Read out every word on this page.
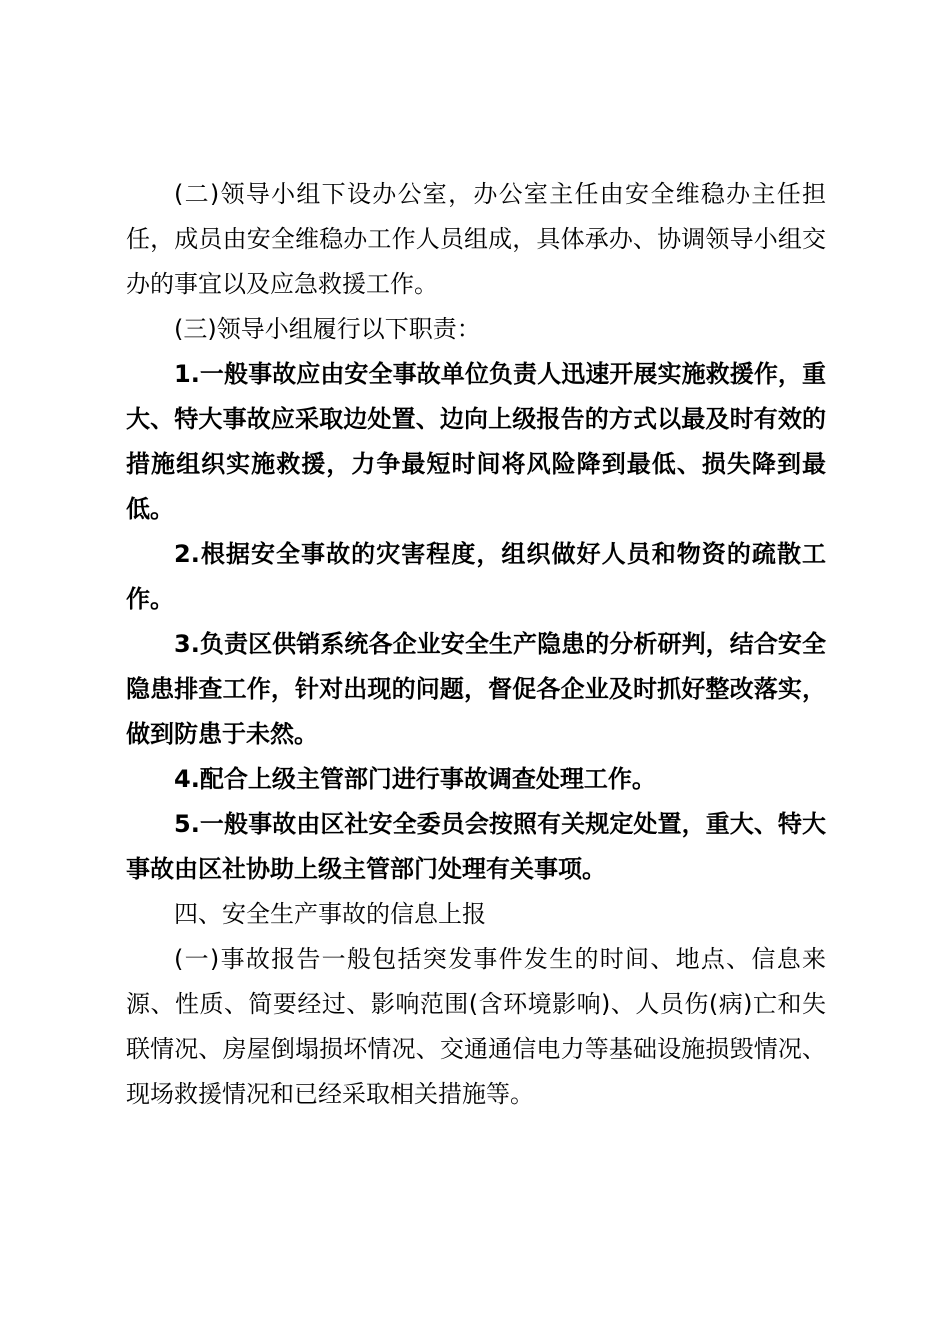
(二)领导小组下设办公室，办公室主任由安全维稳办主任担任，成员由安全维稳办工作人员组成，具体承办、协调领导小组交办的事宜以及应急救援工作。

(三)领导小组履行以下职责：

1.一般事故应由安全事故单位负责人迅速开展实施救援作，重大、特大事故应采取边处置、边向上级报告的方式以最及时有效的措施组织实施救援，力争最短时间将风险降到最低、损失降到最低。

2.根据安全事故的灾害程度，组织做好人员和物资的疏散工作。

3.负责区供销系统各企业安全生产隐患的分析研判，结合安全隐患排查工作，针对出现的问题，督促各企业及时抓好整改落实，做到防患于未然。

4.配合上级主管部门进行事故调查处理工作。

5.一般事故由区社安全委员会按照有关规定处置，重大、特大事故由区社协助上级主管部门处理有关事项。

四、安全生产事故的信息上报

(一)事故报告一般包括突发事件发生的时间、地点、信息来源、性质、简要经过、影响范围(含环境影响)、人员伤(病)亡和失联情况、房屋倒塌损坏情况、交通通信电力等基础设施损毁情况、现场救援情况和已经采取相关措施等。
